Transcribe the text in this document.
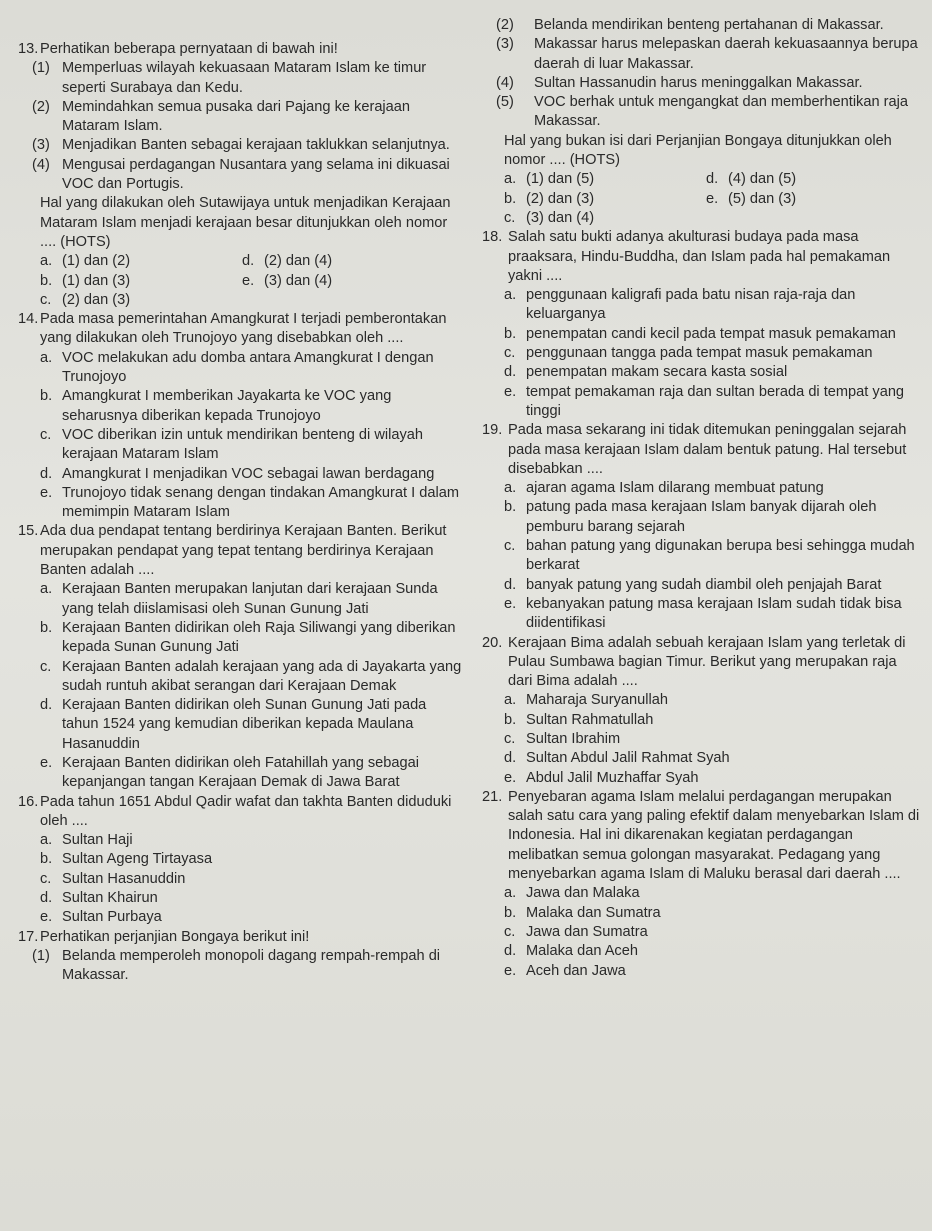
13. Perhatikan beberapa pernyataan di bawah ini!
(1) Memperluas wilayah kekuasaan Mataram Islam ke timur seperti Surabaya dan Kedu.
(2) Memindahkan semua pusaka dari Pajang ke kerajaan Mataram Islam.
(3) Menjadikan Banten sebagai kerajaan taklukkan selanjutnya.
(4) Mengusai perdagangan Nusantara yang selama ini dikuasai VOC dan Portugis.
Hal yang dilakukan oleh Sutawijaya untuk menjadikan Kerajaan Mataram Islam menjadi kerajaan besar ditunjukkan oleh nomor .... (HOTS)
a. (1) dan (2)	d. (2) dan (4)
b. (1) dan (3)	e. (3) dan (4)
c. (2) dan (3)
14. Pada masa pemerintahan Amangkurat I terjadi pemberontakan yang dilakukan oleh Trunojoyo yang disebabkan oleh ....
a. VOC melakukan adu domba antara Amangkurat I dengan Trunojoyo
b. Amangkurat I memberikan Jayakarta ke VOC yang seharusnya diberikan kepada Trunojoyo
c. VOC diberikan izin untuk mendirikan benteng di wilayah kerajaan Mataram Islam
d. Amangkurat I menjadikan VOC sebagai lawan berdagang
e. Trunojoyo tidak senang dengan tindakan Amangkurat I dalam memimpin Mataram Islam
15. Ada dua pendapat tentang berdirinya Kerajaan Banten. Berikut merupakan pendapat yang tepat tentang berdirinya Kerajaan Banten adalah ....
a. Kerajaan Banten merupakan lanjutan dari kerajaan Sunda yang telah diislamisasi oleh Sunan Gunung Jati
b. Kerajaan Banten didirikan oleh Raja Siliwangi yang diberikan kepada Sunan Gunung Jati
c. Kerajaan Banten adalah kerajaan yang ada di Jayakarta yang sudah runtuh akibat serangan dari Kerajaan Demak
d. Kerajaan Banten didirikan oleh Sunan Gunung Jati pada tahun 1524 yang kemudian diberikan kepada Maulana Hasanuddin
e. Kerajaan Banten didirikan oleh Fatahillah yang sebagai kepanjangan tangan Kerajaan Demak di Jawa Barat
16. Pada tahun 1651 Abdul Qadir wafat dan takhta Banten diduduki oleh ....
a. Sultan Haji
b. Sultan Ageng Tirtayasa
c. Sultan Hasanuddin
d. Sultan Khairun
e. Sultan Purbaya
17. Perhatikan perjanjian Bongaya berikut ini!
(1) Belanda memperoleh monopoli dagang rempah-rempah di Makassar.
(2) Belanda mendirikan benteng pertahanan di Makassar.
(3) Makassar harus melepaskan daerah kekuasaannya berupa daerah di luar Makassar.
(4) Sultan Hassanudin harus meninggalkan Makassar.
(5) VOC berhak untuk mengangkat dan memberhentikan raja Makassar.
Hal yang bukan isi dari Perjanjian Bongaya ditunjukkan oleh nomor .... (HOTS)
a. (1) dan (5)	d. (4) dan (5)
b. (2) dan (3)	e. (5) dan (3)
c. (3) dan (4)
18. Salah satu bukti adanya akulturasi budaya pada masa praaksara, Hindu-Buddha, dan Islam pada hal pemakaman yakni ....
a. penggunaan kaligrafi pada batu nisan raja-raja dan keluarganya
b. penempatan candi kecil pada tempat masuk pemakaman
c. penggunaan tangga pada tempat masuk pemakaman
d. penempatan makam secara kasta sosial
e. tempat pemakaman raja dan sultan berada di tempat yang tinggi
19. Pada masa sekarang ini tidak ditemukan peninggalan sejarah pada masa kerajaan Islam dalam bentuk patung. Hal tersebut disebabkan ....
a. ajaran agama Islam dilarang membuat patung
b. patung pada masa kerajaan Islam banyak dijarah oleh pemburu barang sejarah
c. bahan patung yang digunakan berupa besi sehingga mudah berkarat
d. banyak patung yang sudah diambil oleh penjajah Barat
e. kebanyakan patung masa kerajaan Islam sudah tidak bisa diidentifikasi
20. Kerajaan Bima adalah sebuah kerajaan Islam yang terletak di Pulau Sumbawa bagian Timur. Berikut yang merupakan raja dari Bima adalah ....
a. Maharaja Suryanullah
b. Sultan Rahmatullah
c. Sultan Ibrahim
d. Sultan Abdul Jalil Rahmat Syah
e. Abdul Jalil Muzhaffar Syah
21. Penyebaran agama Islam melalui perdagangan merupakan salah satu cara yang paling efektif dalam menyebarkan Islam di Indonesia. Hal ini dikarenakan kegiatan perdagangan melibatkan semua golongan masyarakat. Pedagang yang menyebarkan agama Islam di Maluku berasal dari daerah ....
a. Jawa dan Malaka
b. Malaka dan Sumatra
c. Jawa dan Sumatra
d. Malaka dan Aceh
e. Aceh dan Jawa
